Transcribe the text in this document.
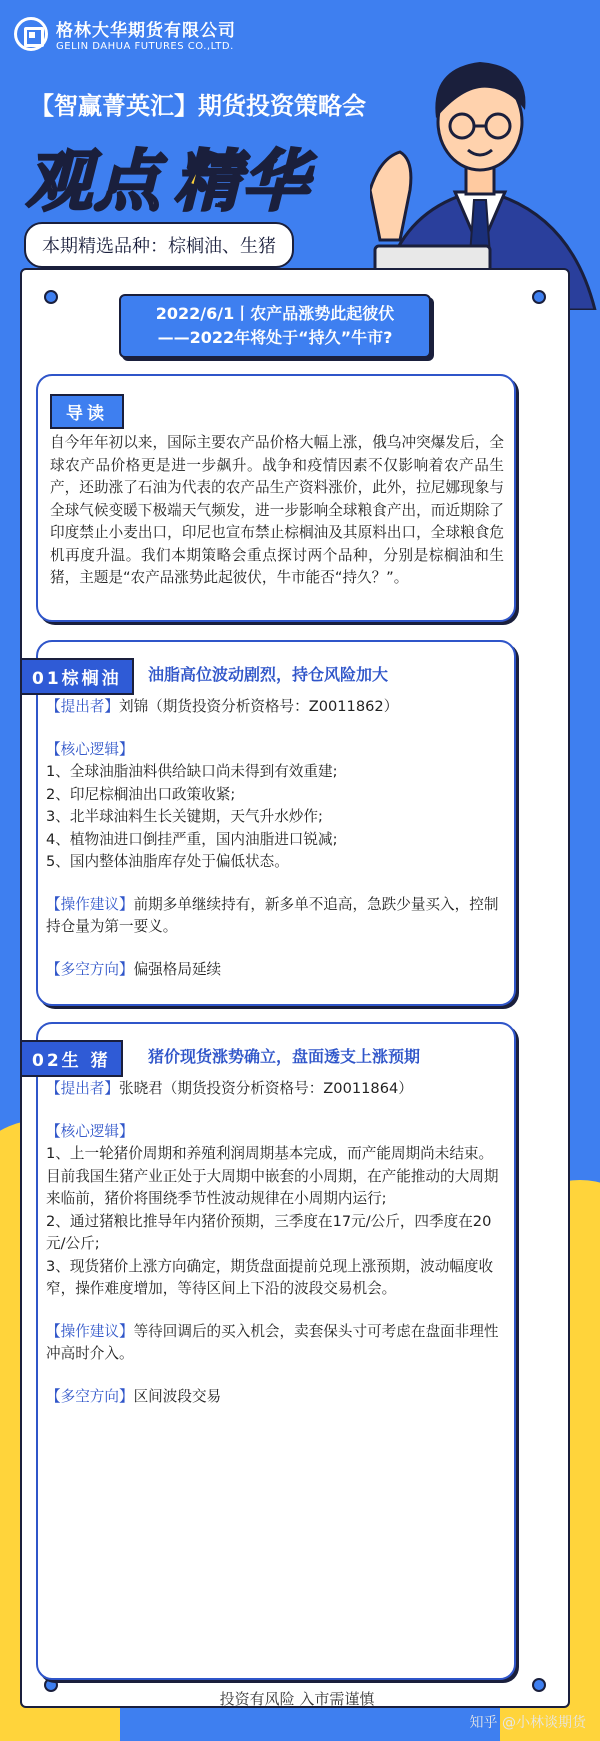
格林大华期货有限公司
GELIN DAHUA FUTURES CO.,LTD.
【智赢菁英汇】期货投资策略会
观点 精华
本期精选品种：棕榈油、生猪
2022/6/1丨农产品涨势此起彼伏
——2022年将处于“持久”牛市?
导读
自今年年初以来，国际主要农产品价格大幅上涨，俄乌冲突爆发后，全球农产品价格更是进一步飙升。战争和疫情因素不仅影响着农产品生产，还助涨了石油为代表的农产品生产资料涨价，此外，拉尼娜现象与全球气候变暖下极端天气频发，进一步影响全球粮食产出，而近期除了印度禁止小麦出口，印尼也宣布禁止棕榈油及其原料出口，全球粮食危机再度升温。我们本期策略会重点探讨两个品种，分别是棕榈油和生猪，主题是“农产品涨势此起彼伏，牛市能否“持久？”。
01棕榈油	油脂高位波动剧烈，持仓风险加大
【提出者】刘锦（期货投资分析资格号：Z0011862）
【核心逻辑】
1、全球油脂油料供给缺口尚未得到有效重建;
2、印尼棕榈油出口政策收紧;
3、北半球油料生长关键期，天气升水炒作;
4、植物油进口倒挂严重，国内油脂进口锐减;
5、国内整体油脂库存处于偏低状态。
【操作建议】前期多单继续持有，新多单不追高，急跌少量买入，控制持仓量为第一要义。
【多空方向】偏强格局延续
02生 猪	猪价现货涨势确立，盘面透支上涨预期
【提出者】张晓君（期货投资分析资格号：Z0011864）
【核心逻辑】
1、上一轮猪价周期和养殖利润周期基本完成，而产能周期尚未结束。目前我国生猪产业正处于大周期中嵌套的小周期，在产能推动的大周期来临前，猪价将围绕季节性波动规律在小周期内运行;
2、通过猪粮比推导年内猪价预期，三季度在17元/公斤，四季度在20元/公斤;
3、现货猪价上涨方向确定，期货盘面提前兑现上涨预期，波动幅度收窄，操作难度增加，等待区间上下沿的波段交易机会。
【操作建议】等待回调后的买入机会，卖套保头寸可考虑在盘面非理性冲高时介入。
【多空方向】区间波段交易
投资有风险 入市需谨慎
知乎 @小林谈期货
